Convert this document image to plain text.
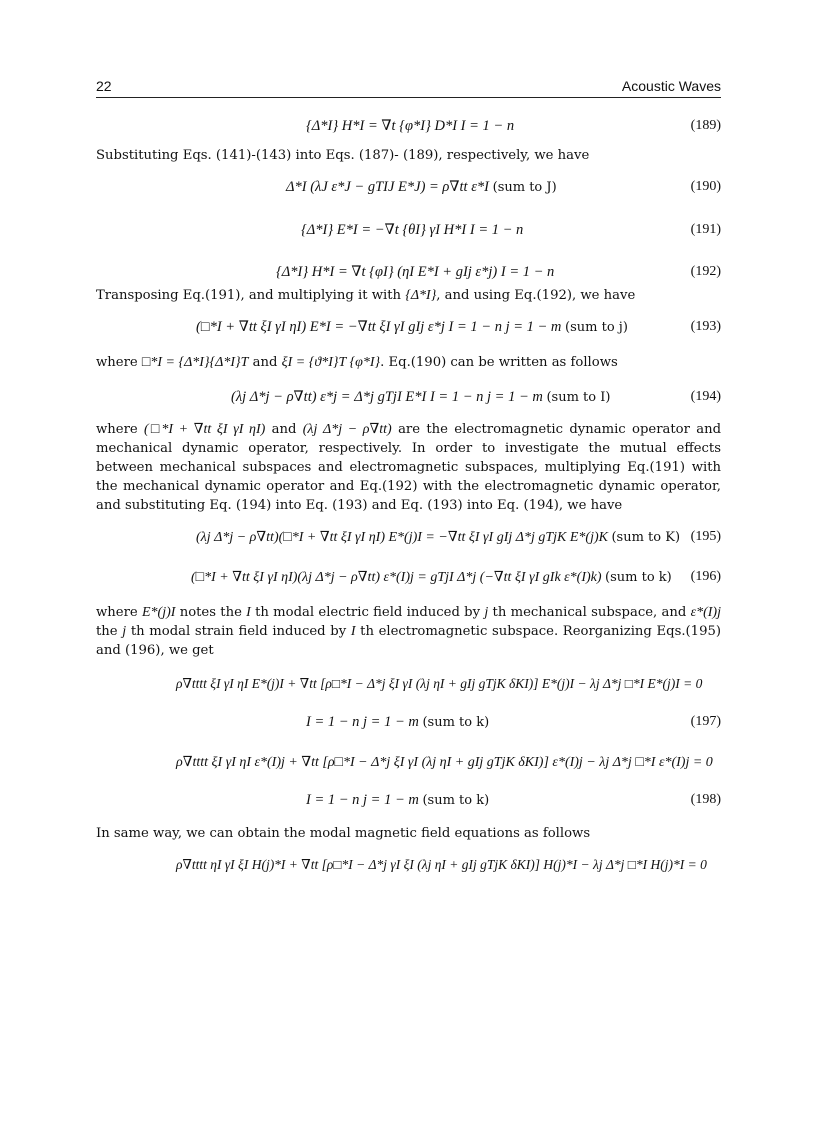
22	Acoustic Waves
{Δ*I} H*I = ∇t {φ*I} D*I I = 1 − n	(189)

Substituting Eqs. (141)-(143) into Eqs. (187)- (189), respectively, we have

Δ*I (λJ ε*J − gTIJ E*J) = ρ∇tt ε*I (sum to J)	(190)
{Δ*I} E*I = −∇t {θI} γI H*I I = 1 − n	(191)
{Δ*I} H*I = ∇t {φI} (ηI E*I + gIj ε*j) I = 1 − n	(192)

Transposing Eq.(191), and multiplying it with {Δ*I}, and using Eq.(192), we have

(□*I + ∇tt ξI γI ηI) E*I = −∇tt ξI γI gIj ε*j I = 1 − n j = 1 − m (sum to j)	(193)

where □*I = {Δ*I}{Δ*I}T and ξI = {ϑ*I}T {φ*I}. Eq.(190) can be written as follows

(λj Δ*j − ρ∇tt) ε*j = Δ*j gTjI E*I I = 1 − n j = 1 − m (sum to I)	(194)

where (□*I + ∇tt ξI γI ηI) and (λj Δ*j − ρ∇tt) are the electromagnetic dynamic operator and mechanical dynamic operator, respectively. In order to investigate the mutual effects between mechanical subspaces and electromagnetic subspaces, multiplying Eq.(191) with the mechanical dynamic operator and Eq.(192) with the electromagnetic dynamic operator, and substituting Eq. (194) into Eq. (193) and Eq. (193) into Eq. (194), we have

(λj Δ*j − ρ∇tt)(□*I + ∇tt ξI γI ηI) E*(j)I = −∇tt ξI γI gIj Δ*j gTjK E*(j)K (sum to K) (195)
(□*I + ∇tt ξI γI ηI)(λj Δ*j − ρ∇tt) ε*(I)j = gTjI Δ*j (−∇tt ξI γI gIk ε*(I)k) (sum to k) (196)

where E*(j)I notes the I th modal electric field induced by j th mechanical subspace, and ε*(I)j the j th modal strain field induced by I th electromagnetic subspace. Reorganizing Eqs.(195) and (196), we get

ρ∇tttt ξI γI ηI E*(j)I + ∇tt [ρ□*I − Δ*j ξI γI (λj ηI + gIj gTjK δKI)] E*(j)I − λj Δ*j □*I E*(j)I = 0
I = 1 − n j = 1 − m (sum to k)	(197)
ρ∇tttt ξI γI ηI ε*(I)j + ∇tt [ρ□*I − Δ*j ξI γI (λj ηI + gIj gTjK δKI)] ε*(I)j − λj Δ*j □*I ε*(I)j = 0
I = 1 − n j = 1 − m (sum to k)	(198)

In same way, we can obtain the modal magnetic field equations as follows

ρ∇tttt ηI γI ξI H(j)*I + ∇tt [ρ□*I − Δ*j γI ξI (λj ηI + gIj gTjK δKI)] H(j)*I − λj Δ*j □*I H(j)*I = 0
